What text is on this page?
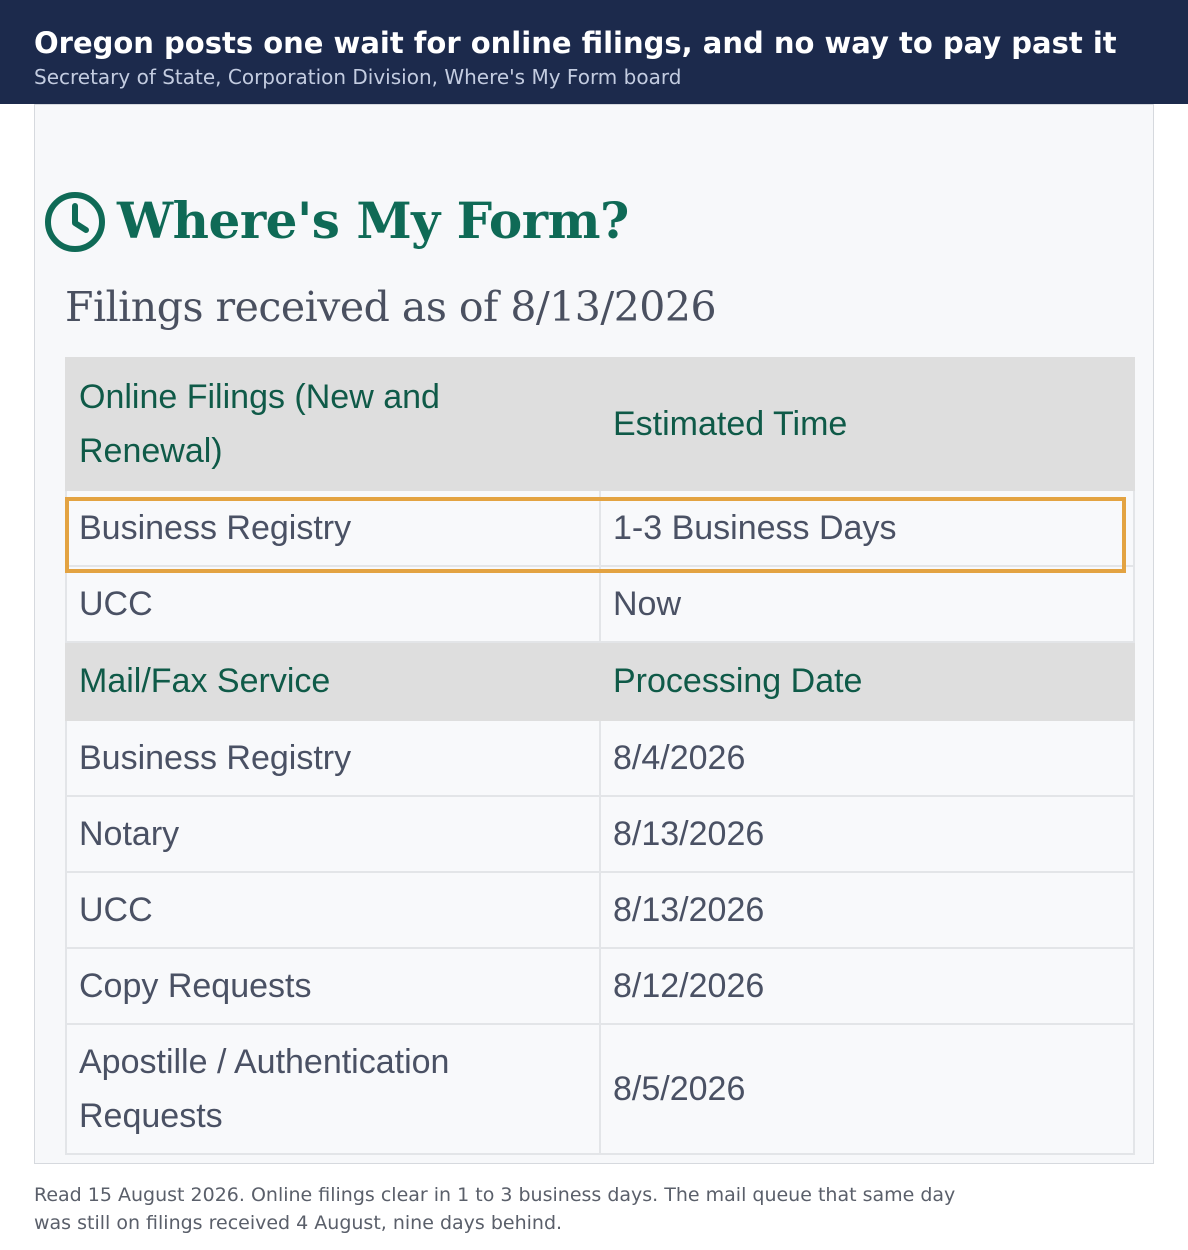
Oregon posts one wait for online filings, and no way to pay past it
Secretary of State, Corporation Division, Where's My Form board
Where's My Form?
Filings received as of 8/13/2026
Online Filings (New and Renewal)	Estimated Time
Business Registry	1-3 Business Days
UCC	Now
Mail/Fax Service	Processing Date
Business Registry	8/4/2026
Notary	8/13/2026
UCC	8/13/2026
Copy Requests	8/12/2026
Apostille / Authentication Requests	8/5/2026
Read 15 August 2026. Online filings clear in 1 to 3 business days. The mail queue that same day was still on filings received 4 August, nine days behind.
